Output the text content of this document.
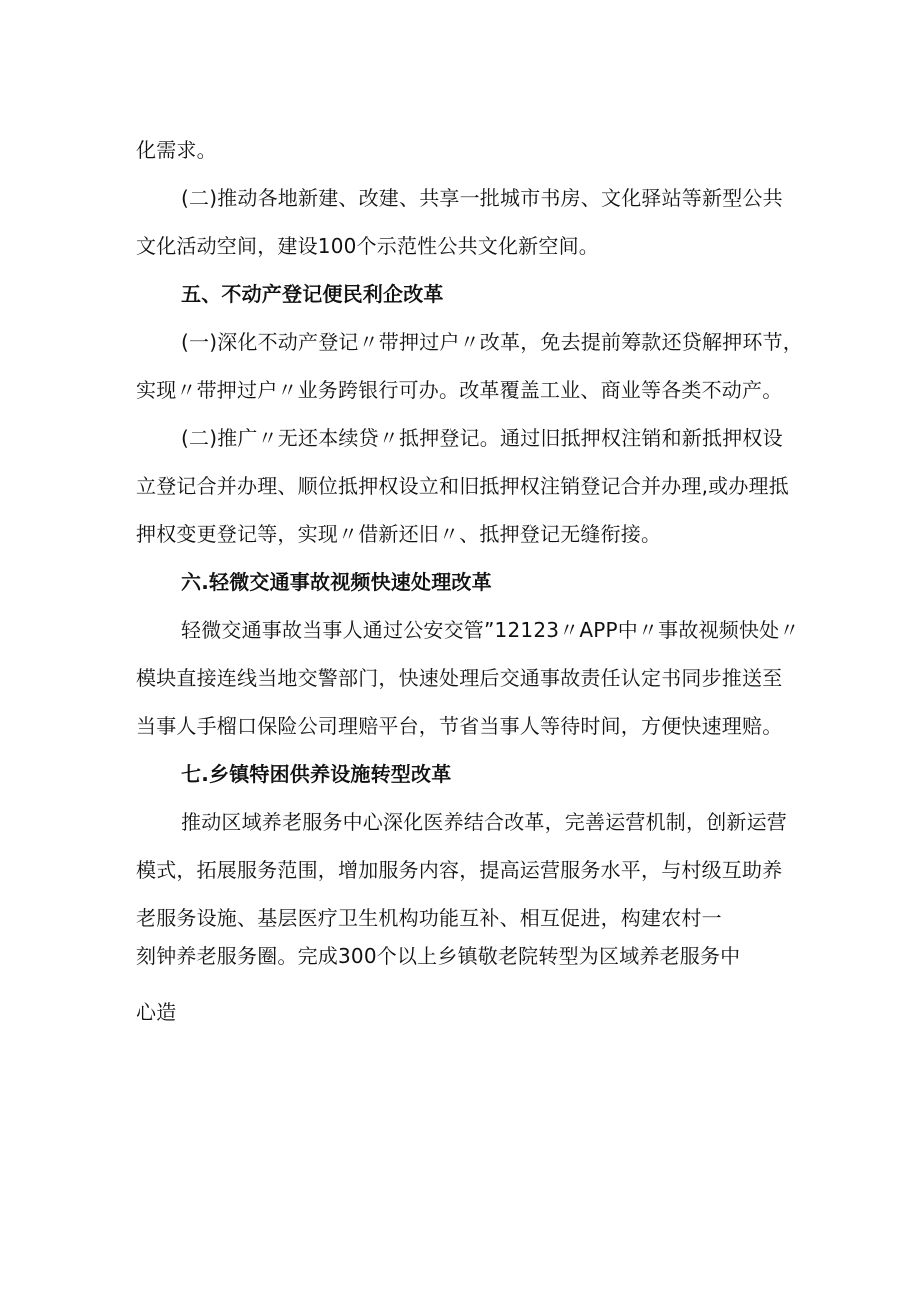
化需求。
(二)推动各地新建、改建、共享一批城市书房、文化驿站等新型公共
文化活动空间，建设100个示范性公共文化新空间。
五、不动产登记便民利企改革
(一)深化不动产登记〃带押过户〃改革，免去提前筹款还贷解押环节，
实现〃带押过户〃业务跨银行可办。改革覆盖工业、商业等各类不动产。
(二)推广〃无还本续贷〃抵押登记。通过旧抵押权注销和新抵押权设
立登记合并办理、顺位抵押权设立和旧抵押权注销登记合并办理,或办理抵
押权变更登记等，实现〃借新还旧〃、抵押登记无缝衔接。
六.轻微交通事故视频快速处理改革
轻微交通事故当事人通过公安交管”12123〃APP中〃事故视频快处〃
模块直接连线当地交警部门，快速处理后交通事故责任认定书同步推送至
当事人手榴口保险公司理赔平台，节省当事人等待时间，方便快速理赔。
七.乡镇特困供养设施转型改革
推动区域养老服务中心深化医养结合改革，完善运营机制，创新运营
模式，拓展服务范围，增加服务内容，提高运营服务水平，与村级互助养
老服务设施、基层医疗卫生机构功能互补、相互促进，构建农村一
刻钟养老服务圈。完成300个以上乡镇敬老院转型为区域养老服务中
心造
